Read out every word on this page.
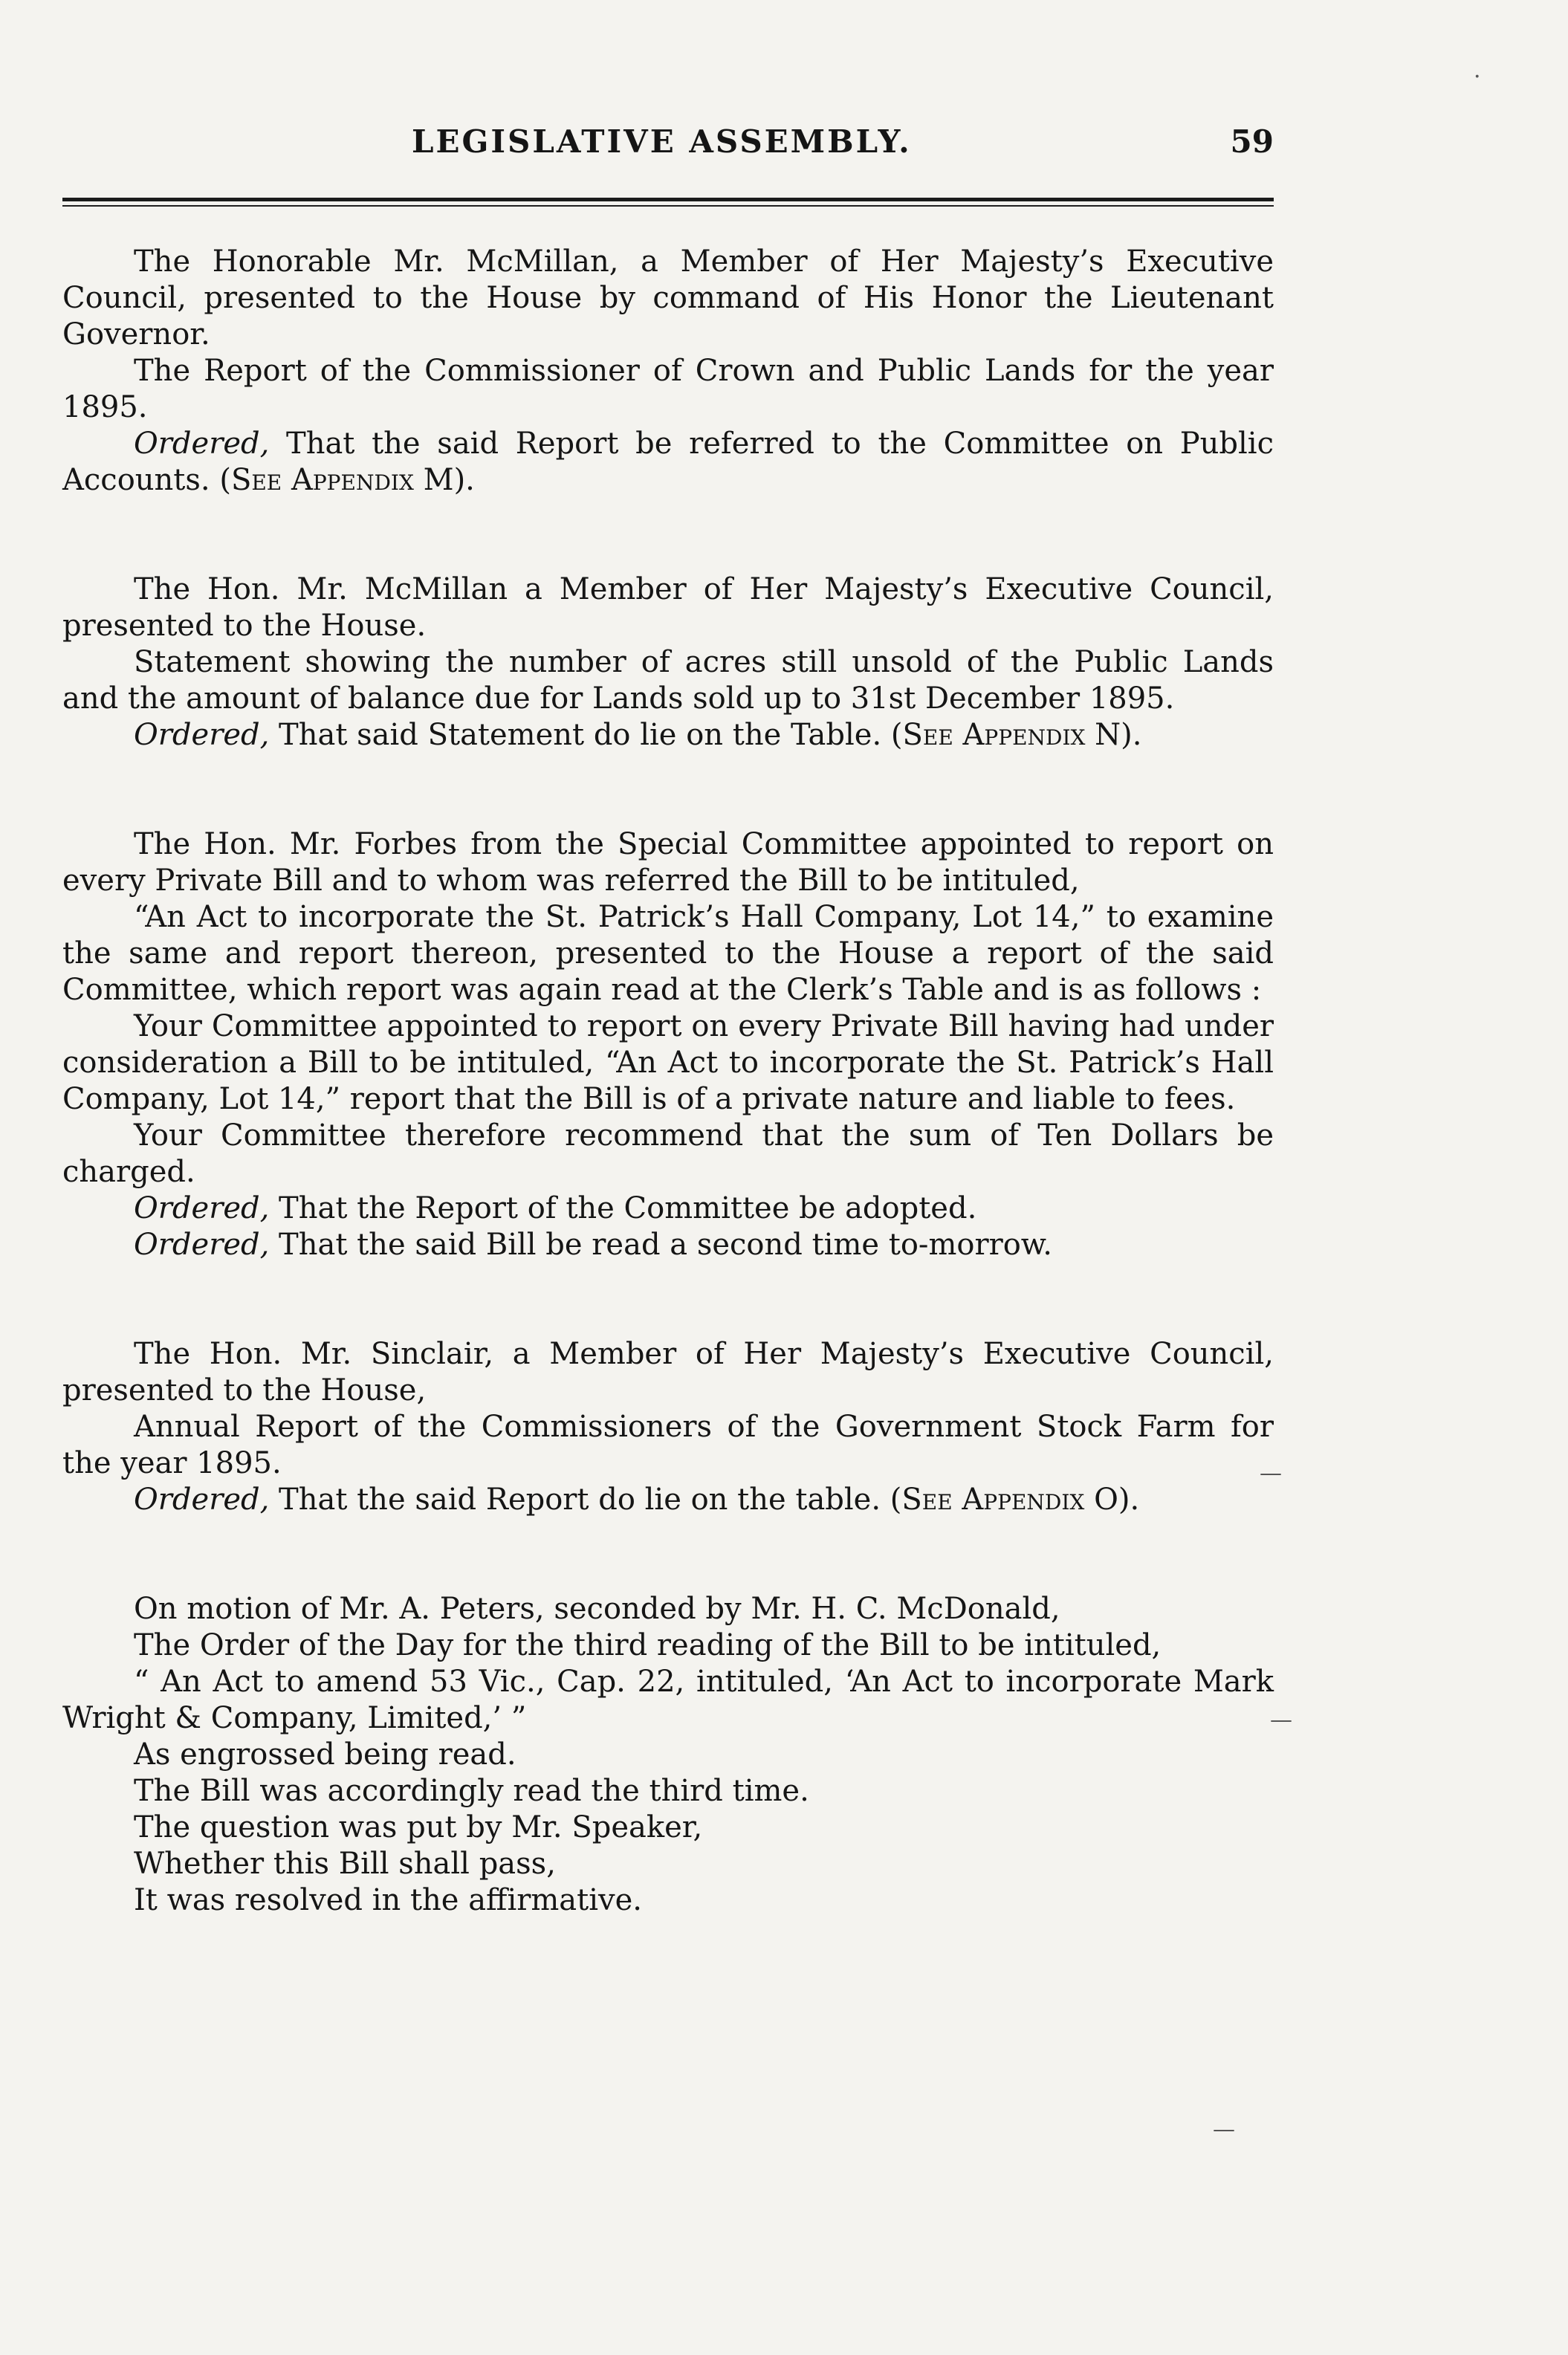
LEGISLATIVE ASSEMBLY.	59

The Honorable Mr. McMillan, a Member of Her Majesty’s Executive Council, presented to the House by command of His Honor the Lieutenant Governor.

The Report of the Commissioner of Crown and Public Lands for the year 1895.

Ordered, That the said Report be referred to the Committee on Public Accounts. (See Appendix M).

The Hon. Mr. McMillan a Member of Her Majesty’s Executive Council, presented to the House.

Statement showing the number of acres still unsold of the Public Lands and the amount of balance due for Lands sold up to 31st December 1895.

Ordered, That said Statement do lie on the Table. (See Appendix N).

The Hon. Mr. Forbes from the Special Committee appointed to report on every Private Bill and to whom was referred the Bill to be intituled,

“An Act to incorporate the St. Patrick’s Hall Company, Lot 14,” to examine the same and report thereon, presented to the House a report of the said Committee, which report was again read at the Clerk’s Table and is as follows :

Your Committee appointed to report on every Private Bill having had under consideration a Bill to be intituled, “An Act to incorporate the St. Patrick’s Hall Company, Lot 14,” report that the Bill is of a private nature and liable to fees.

Your Committee therefore recommend that the sum of Ten Dollars be charged.

Ordered, That the Report of the Committee be adopted.

Ordered, That the said Bill be read a second time to-morrow.

The Hon. Mr. Sinclair, a Member of Her Majesty’s Executive Council, presented to the House,

Annual Report of the Commissioners of the Government Stock Farm for the year 1895.

Ordered, That the said Report do lie on the table. (See Appendix O).

On motion of Mr. A. Peters, seconded by Mr. H. C. McDonald,

The Order of the Day for the third reading of the Bill to be intituled,

“ An Act to amend 53 Vic., Cap. 22, intituled, ‘An Act to incorporate Mark Wright & Company, Limited,’ ”

As engrossed being read.

The Bill was accordingly read the third time.

The question was put by Mr. Speaker,

Whether this Bill shall pass,

It was resolved in the affirmative.

·
—
—
—
